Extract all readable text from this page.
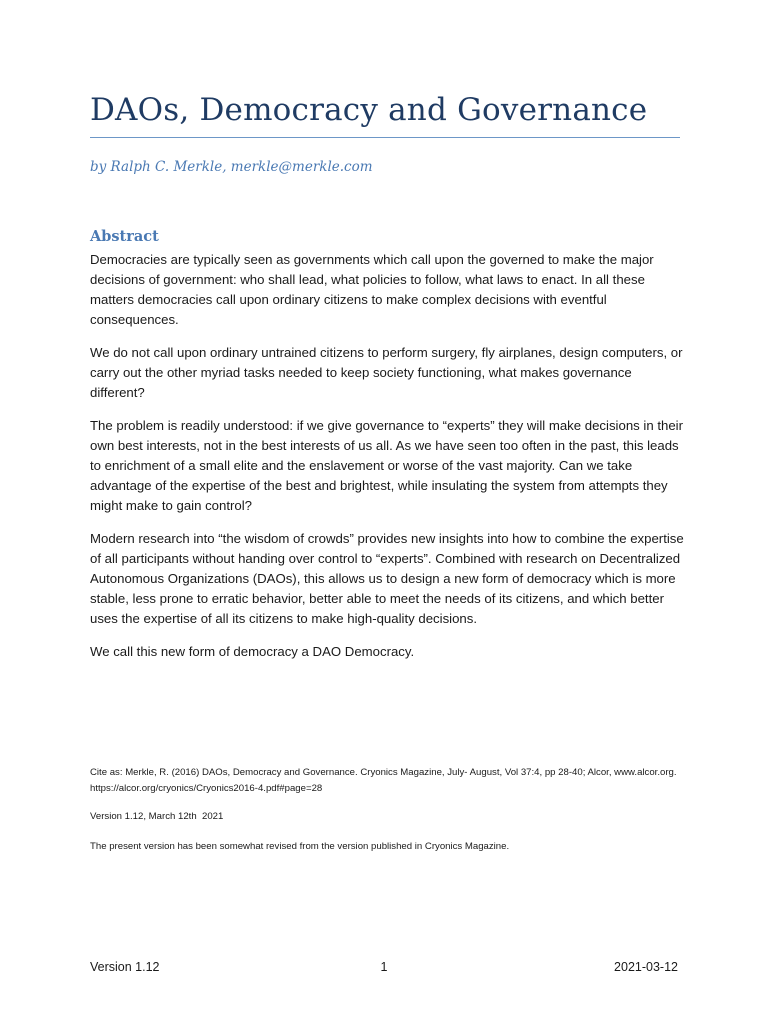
DAOs, Democracy and Governance
by Ralph C. Merkle, merkle@merkle.com
Abstract

Democracies are typically seen as governments which call upon the governed to make the major decisions of government: who shall lead, what policies to follow, what laws to enact. In all these matters democracies call upon ordinary citizens to make complex decisions with eventful consequences.

We do not call upon ordinary untrained citizens to perform surgery, fly airplanes, design computers, or carry out the other myriad tasks needed to keep society functioning, what makes governance different?

The problem is readily understood: if we give governance to “experts” they will make decisions in their own best interests, not in the best interests of us all. As we have seen too often in the past, this leads to enrichment of a small elite and the enslavement or worse of the vast majority. Can we take advantage of the expertise of the best and brightest, while insulating the system from attempts they might make to gain control?

Modern research into “the wisdom of crowds” provides new insights into how to combine the expertise of all participants without handing over control to “experts”. Combined with research on Decentralized Autonomous Organizations (DAOs), this allows us to design a new form of democracy which is more stable, less prone to erratic behavior, better able to meet the needs of its citizens, and which better uses the expertise of all its citizens to make high-quality decisions.

We call this new form of democracy a DAO Democracy.

Cite as: Merkle, R. (2016) DAOs, Democracy and Governance. Cryonics Magazine, July- August, Vol 37:4, pp 28-40; Alcor, www.alcor.org. https://alcor.org/cryonics/Cryonics2016-4.pdf#page=28
Version 1.12, March 12th  2021
The present version has been somewhat revised from the version published in Cryonics Magazine.
Version 1.12	1	2021-03-12
